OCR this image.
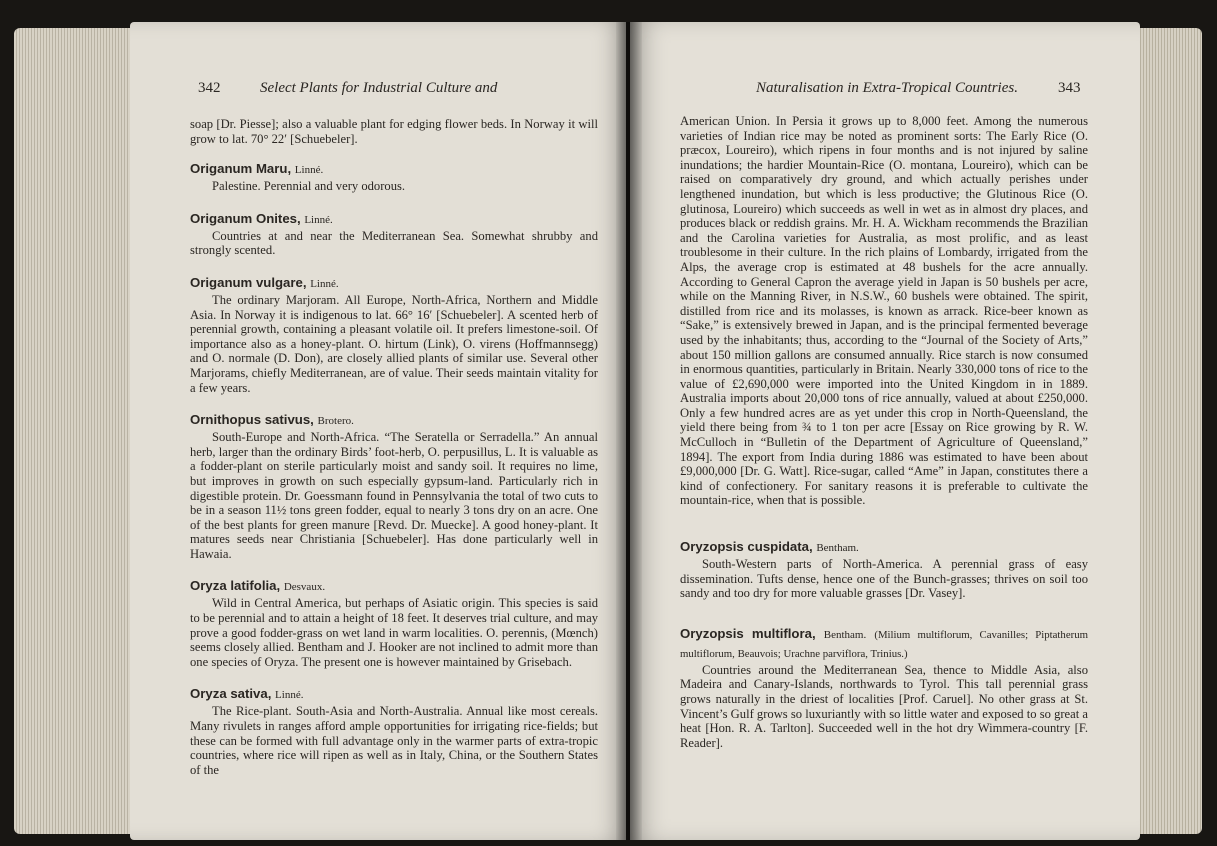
342	Select Plants for Industrial Culture and

soap [Dr. Piesse]; also a valuable plant for edging flower beds. In Norway it will grow to lat. 70° 22′ [Schuebeler].

Origanum Maru, Linné.

Palestine. Perennial and very odorous.

Origanum Onites, Linné.

Countries at and near the Mediterranean Sea. Somewhat shrubby and strongly scented.

Origanum vulgare, Linné.

The ordinary Marjoram. All Europe, North-Africa, Northern and Middle Asia. In Norway it is indigenous to lat. 66° 16′ [Schuebeler]. A scented herb of perennial growth, containing a pleasant volatile oil. It prefers limestone-soil. Of importance also as a honey-plant. O. hirtum (Link), O. virens (Hoffmannsegg) and O. normale (D. Don), are closely allied plants of similar use. Several other Marjorams, chiefly Mediterranean, are of value. Their seeds maintain vitality for a few years.

Ornithopus sativus, Brotero.

South-Europe and North-Africa. “The Seratella or Serradella.” An annual herb, larger than the ordinary Birds’ foot-herb, O. perpusillus, L. It is valuable as a fodder-plant on sterile particularly moist and sandy soil. It requires no lime, but improves in growth on such especially gypsum-land. Particularly rich in digestible protein. Dr. Goessmann found in Pennsylvania the total of two cuts to be in a season 11½ tons green fodder, equal to nearly 3 tons dry on an acre. One of the best plants for green manure [Revd. Dr. Muecke]. A good honey-plant. It matures seeds near Christiania [Schuebeler]. Has done particularly well in Hawaia.

Oryza latifolia, Desvaux.

Wild in Central America, but perhaps of Asiatic origin. This species is said to be perennial and to attain a height of 18 feet. It deserves trial culture, and may prove a good fodder-grass on wet land in warm localities. O. perennis, (Mœnch) seems closely allied. Bentham and J. Hooker are not inclined to admit more than one species of Oryza. The present one is however maintained by Grisebach.

Oryza sativa, Linné.

The Rice-plant. South-Asia and North-Australia. Annual like most cereals. Many rivulets in ranges afford ample opportunities for irrigating rice-fields; but these can be formed with full advantage only in the warmer parts of extra-tropic countries, where rice will ripen as well as in Italy, China, or the Southern States of the

Naturalisation in Extra-Tropical Countries.	343

American Union. In Persia it grows up to 8,000 feet. Among the numerous varieties of Indian rice may be noted as prominent sorts: The Early Rice (O. præcox, Loureiro), which ripens in four months and is not injured by saline inundations; the hardier Mountain-Rice (O. montana, Loureiro), which can be raised on comparatively dry ground, and which actually perishes under lengthened inundation, but which is less productive; the Glutinous Rice (O. glutinosa, Loureiro) which succeeds as well in wet as in almost dry places, and produces black or reddish grains. Mr. H. A. Wickham recommends the Brazilian and the Carolina varieties for Australia, as most prolific, and as least troublesome in their culture. In the rich plains of Lombardy, irrigated from the Alps, the average crop is estimated at 48 bushels for the acre annually. According to General Capron the average yield in Japan is 50 bushels per acre, while on the Manning River, in N.S.W., 60 bushels were obtained. The spirit, distilled from rice and its molasses, is known as arrack. Rice-beer known as “Sake,” is extensively brewed in Japan, and is the principal fermented beverage used by the inhabitants; thus, according to the “Journal of the Society of Arts,” about 150 million gallons are consumed annually. Rice starch is now consumed in enormous quantities, particularly in Britain. Nearly 330,000 tons of rice to the value of £2,690,000 were imported into the United Kingdom in in 1889. Australia imports about 20,000 tons of rice annually, valued at about £250,000. Only a few hundred acres are as yet under this crop in North-Queensland, the yield there being from ¾ to 1 ton per acre [Essay on Rice growing by R. W. McCulloch in “Bulletin of the Department of Agriculture of Queensland,” 1894]. The export from India during 1886 was estimated to have been about £9,000,000 [Dr. G. Watt]. Rice-sugar, called “Ame” in Japan, constitutes there a kind of confectionery. For sanitary reasons it is preferable to cultivate the mountain-rice, when that is possible.

Oryzopsis cuspidata, Bentham.

South-Western parts of North-America. A perennial grass of easy dissemination. Tufts dense, hence one of the Bunch-grasses; thrives on soil too sandy and too dry for more valuable grasses [Dr. Vasey].

Oryzopsis multiflora, Bentham. (Milium multiflorum, Cavanilles; Piptatherum multiflorum, Beauvois; Urachne parviflora, Trinius.)

Countries around the Mediterranean Sea, thence to Middle Asia, also Madeira and Canary-Islands, northwards to Tyrol. This tall perennial grass grows naturally in the driest of localities [Prof. Caruel]. No other grass at St. Vincent’s Gulf grows so luxuriantly with so little water and exposed to so great a heat [Hon. R. A. Tarlton]. Succeeded well in the hot dry Wimmera-country [F. Reader].
